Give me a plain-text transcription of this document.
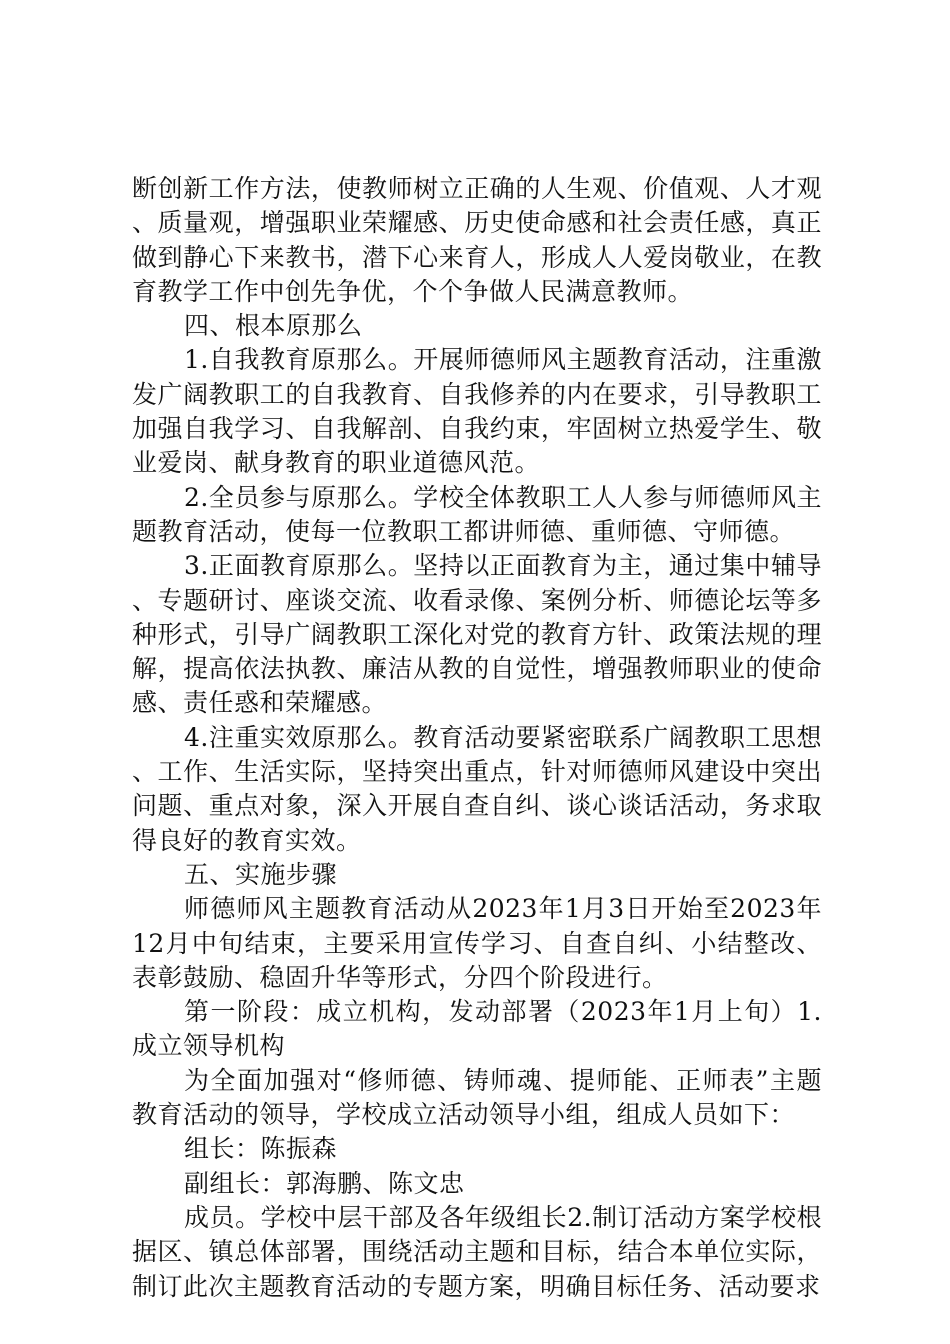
断创新工作方法，使教师树立正确的人生观、价值观、人才观、质量观，增强职业荣耀感、历史使命感和社会责任感，真正做到静心下来教书，潜下心来育人，形成人人爱岗敬业，在教育教学工作中创先争优，个个争做人民满意教师。

四、根本原那么

1.自我教育原那么。开展师德师风主题教育活动，注重激发广阔教职工的自我教育、自我修养的内在要求，引导教职工加强自我学习、自我解剖、自我约束，牢固树立热爱学生、敬业爱岗、献身教育的职业道德风范。

2.全员参与原那么。学校全体教职工人人参与师德师风主题教育活动，使每一位教职工都讲师德、重师德、守师德。

3.正面教育原那么。坚持以正面教育为主，通过集中辅导、专题研讨、座谈交流、收看录像、案例分析、师德论坛等多种形式，引导广阔教职工深化对党的教育方针、政策法规的理解，提高依法执教、廉洁从教的自觉性，增强教师职业的使命感、责任惑和荣耀感。

4.注重实效原那么。教育活动要紧密联系广阔教职工思想、工作、生活实际，坚持突出重点，针对师德师风建设中突出问题、重点对象，深入开展自查自纠、谈心谈话活动，务求取得良好的教育实效。

五、实施步骤

师德师风主题教育活动从2023年1月3日开始至2023年12月中旬结束，主要采用宣传学习、自查自纠、小结整改、表彰鼓励、稳固升华等形式，分四个阶段进行。

第一阶段：成立机构，发动部署（2023年1月上旬）1.成立领导机构

为全面加强对“修师德、铸师魂、提师能、正师表”主题教育活动的领导，学校成立活动领导小组，组成人员如下：

组长：陈振森

副组长：郭海鹏、陈文忠

成员。学校中层干部及各年级组长2.制订活动方案学校根据区、镇总体部署，围绕活动主题和目标，结合本单位实际，制订此次主题教育活动的专题方案，明确目标任务、活动要求
